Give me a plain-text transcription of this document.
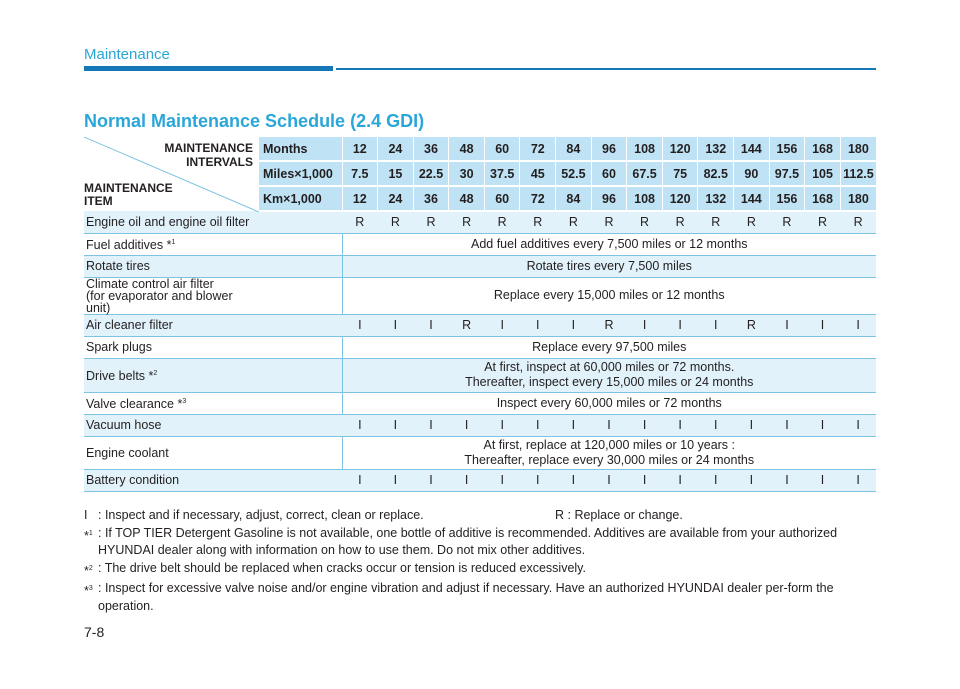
Maintenance
Normal Maintenance Schedule (2.4 GDI)
MAINTENANCE
INTERVALS
MAINTENANCE
ITEM	Months	12	24	36	48	60	72	84	96	108	120	132	144	156	168	180
	Miles×1,000	7.5	15	22.5	30	37.5	45	52.5	60	67.5	75	82.5	90	97.5	105	112.5
	Km×1,000	12	24	36	48	60	72	84	96	108	120	132	144	156	168	180
Engine oil and engine oil filter		R	R	R	R	R	R	R	R	R	R	R	R	R	R	R
Fuel additives *$^1$		Add fuel additives every 7,500 miles or 12 months														
Rotate tires		Rotate tires every 7,500 miles														
Climate control air filter
(for evaporator and blower unit)		Replace every 15,000 miles or 12 months														
Air cleaner filter		I	I	I	R	I	I	I	R	I	I	I	R	I	I	I
Spark plugs		Replace every 97,500 miles														
Drive belts *$^2$		At first, inspect at 60,000 miles or 72 months.
Thereafter, inspect every 15,000 miles or 24 months														
Valve clearance *$^3$		Inspect every 60,000 miles or 72 months														
Vacuum hose		I	I	I	I	I	I	I	I	I	I	I	I	I	I	I
Engine coolant		At first, replace at 120,000 miles or 10 years :
Thereafter, replace every 30,000 miles or 24 months														
Battery condition		I	I	I	I	I	I	I	I	I	I	I	I	I	I	I
I : Inspect and if necessary, adjust, correct, clean or replace.	R : Replace or change.
*$^1$ : If TOP TIER Detergent Gasoline is not available, one bottle of additive is recommended. Additives are available from your authorized HYUNDAI dealer along with information on how to use them. Do not mix other additives.
*$^2$ : The drive belt should be replaced when cracks occur or tension is reduced excessively.
*$^3$ : Inspect for excessive valve noise and/or engine vibration and adjust if necessary. Have an authorized HYUNDAI dealer per-form the operation.
7-8
